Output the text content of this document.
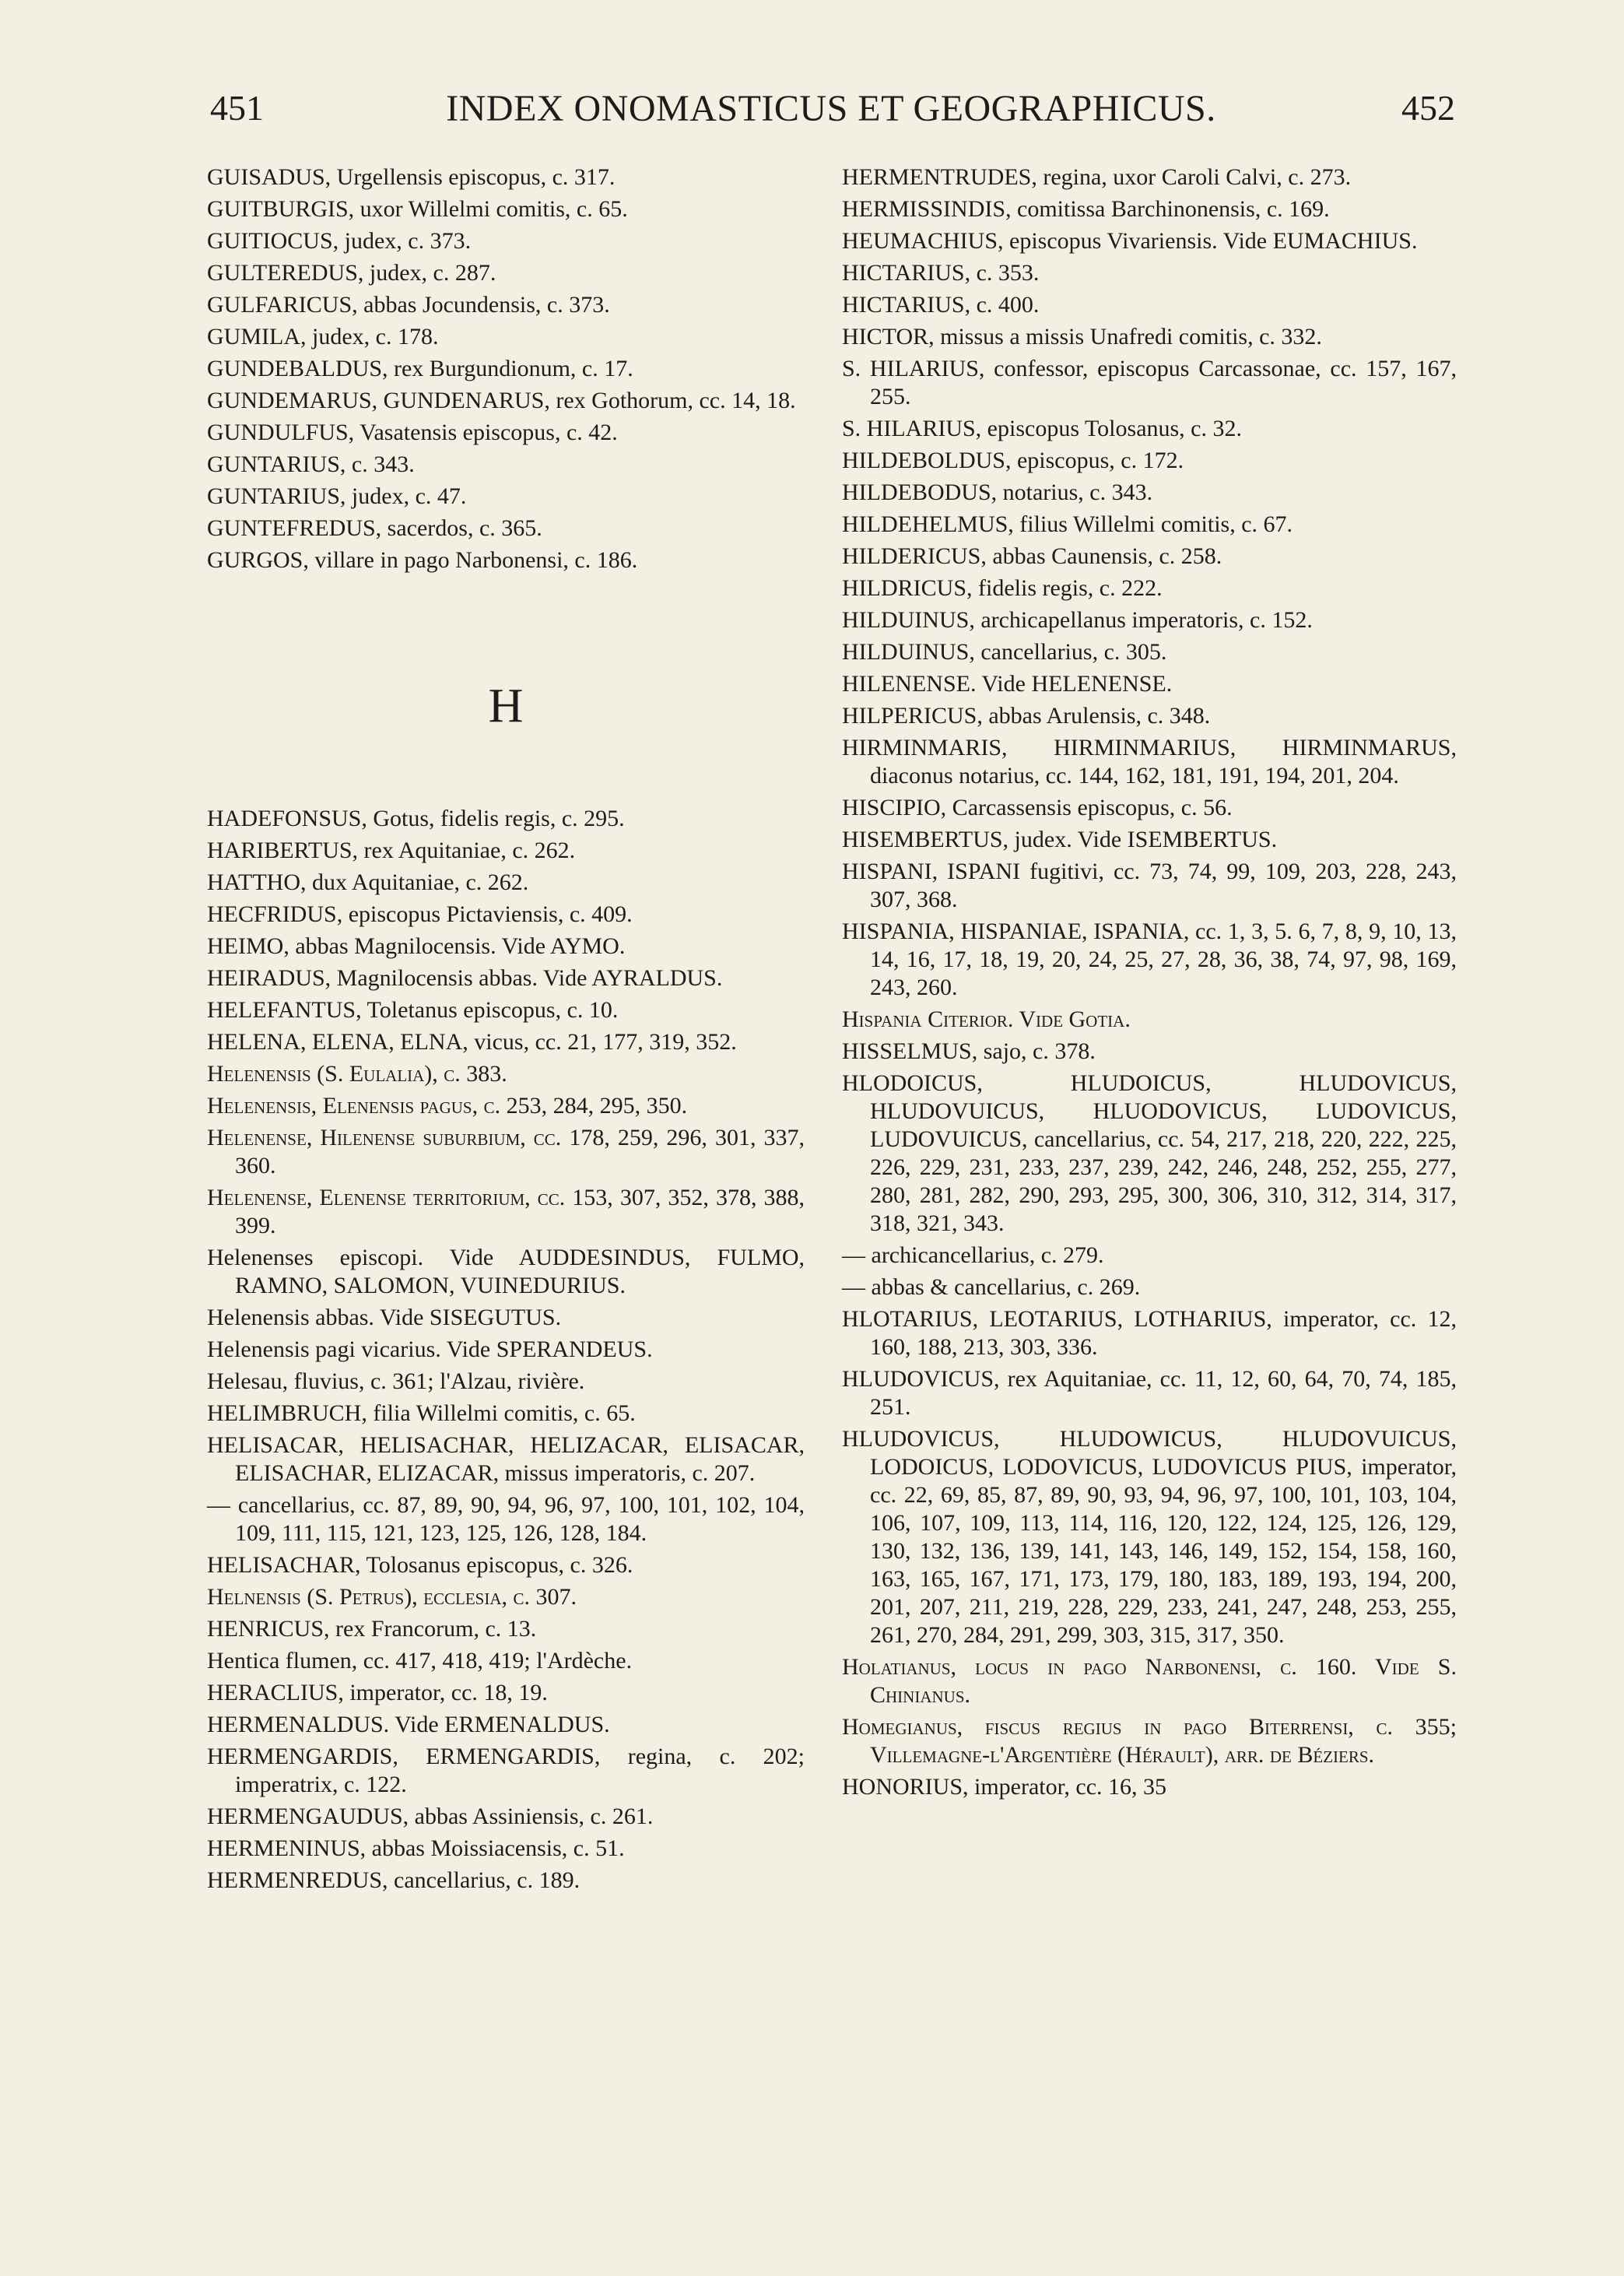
451	INDEX ONOMASTICUS ET GEOGRAPHICUS.	452
GUISADUS, Urgellensis episcopus, c. 317.
GUITBURGIS, uxor Willelmi comitis, c. 65.
GUITIOCUS, judex, c. 373.
GULTEREDUS, judex, c. 287.
GULFARICUS, abbas Jocundensis, c. 373.
GUMILA, judex, c. 178.
GUNDEBALDUS, rex Burgundionum, c. 17.
GUNDEMARUS, GUNDENARUS, rex Gothorum, cc. 14, 18.
GUNDULFUS, Vasatensis episcopus, c. 42.
GUNTARIUS, c. 343.
GUNTARIUS, judex, c. 47.
GUNTEFREDUS, sacerdos, c. 365.
GURGOS, villare in pago Narbonensi, c. 186.
H
HADEFONSUS, Gotus, fidelis regis, c. 295.
HARIBERTUS, rex Aquitaniae, c. 262.
HATTHO, dux Aquitaniae, c. 262.
HECFRIDUS, episcopus Pictaviensis, c. 409.
HEIMO, abbas Magnilocensis. Vide AYMO.
HEIRADUS, Magnilocensis abbas. Vide AYRALDUS.
HELEFANTUS, Toletanus episcopus, c. 10.
HELENA, ELENA, ELNA, vicus, cc. 21, 177, 319, 352.
Helenensis (S. Eulalia), c. 383.
Helenensis, Elenensis pagus, c. 253, 284, 295, 350.
Helenense, Hilenense suburbium, cc. 178, 259, 296, 301, 337, 360.
Helenense, Elenense territorium, cc. 153, 307, 352, 378, 388, 399.
Helenenses episcopi. Vide AUDDESINDUS, FULMO, RAMNO, SALOMON, VUINEDURIUS.
Helenensis abbas. Vide SISEGUTUS.
Helenensis pagi vicarius. Vide SPERANDEUS.
Helesau, fluvius, c. 361; l'Alzau, rivière.
HELIMBRUCH, filia Willelmi comitis, c. 65.
HELISACAR, HELISACHAR, HELIZACAR, ELISACAR, ELISACHAR, ELIZACAR, missus imperatoris, c. 207.
— cancellarius, cc. 87, 89, 90, 94, 96, 97, 100, 101, 102, 104, 109, 111, 115, 121, 123, 125, 126, 128, 184.
HELISACHAR, Tolosanus episcopus, c. 326.
Helnensis (S. Petrus), ecclesia, c. 307.
HENRICUS, rex Francorum, c. 13.
Hentica flumen, cc. 417, 418, 419; l'Ardèche.
HERACLIUS, imperator, cc. 18, 19.
HERMENALDUS. Vide ERMENALDUS.
HERMENGARDIS, ERMENGARDIS, regina, c. 202; imperatrix, c. 122.
HERMENGAUDUS, abbas Assiniensis, c. 261.
HERMENINUS, abbas Moissiacensis, c. 51.
HERMENREDUS, cancellarius, c. 189.
HERMENTRUDES, regina, uxor Caroli Calvi, c. 273.
HERMISSINDIS, comitissa Barchinonensis, c. 169.
HEUMACHIUS, episcopus Vivariensis. Vide EUMACHIUS.
HICTARIUS, c. 353.
HICTARIUS, c. 400.
HICTOR, missus a missis Unafredi comitis, c. 332.
S. HILARIUS, confessor, episcopus Carcassonae, cc. 157, 167, 255.
S. HILARIUS, episcopus Tolosanus, c. 32.
HILDEBOLDUS, episcopus, c. 172.
HILDEBODUS, notarius, c. 343.
HILDEHELMUS, filius Willelmi comitis, c. 67.
HILDERICUS, abbas Caunensis, c. 258.
HILDRICUS, fidelis regis, c. 222.
HILDUINUS, archicapellanus imperatoris, c. 152.
HILDUINUS, cancellarius, c. 305.
HILENENSE. Vide HELENENSE.
HILPERICUS, abbas Arulensis, c. 348.
HIRMINMARIS, HIRMINMARIUS, HIRMINMARUS, diaconus notarius, cc. 144, 162, 181, 191, 194, 201, 204.
HISCIPIO, Carcassensis episcopus, c. 56.
HISEMBERTUS, judex. Vide ISEMBERTUS.
HISPANI, ISPANI fugitivi, cc. 73, 74, 99, 109, 203, 228, 243, 307, 368.
HISPANIA, HISPANIAE, ISPANIA, cc. 1, 3, 5. 6, 7, 8, 9, 10, 13, 14, 16, 17, 18, 19, 20, 24, 25, 27, 28, 36, 38, 74, 97, 98, 169, 243, 260.
Hispania Citerior. Vide Gotia.
HISSELMUS, sajo, c. 378.
HLODOICUS, HLUDOICUS, HLUDOVICUS, HLUDOVUICUS, HLUODOVICUS, LUDOVICUS, LUDOVUICUS, cancellarius, cc. 54, 217, 218, 220, 222, 225, 226, 229, 231, 233, 237, 239, 242, 246, 248, 252, 255, 277, 280, 281, 282, 290, 293, 295, 300, 306, 310, 312, 314, 317, 318, 321, 343.
— archicancellarius, c. 279.
— abbas & cancellarius, c. 269.
HLOTARIUS, LEOTARIUS, LOTHARIUS, imperator, cc. 12, 160, 188, 213, 303, 336.
HLUDOVICUS, rex Aquitaniae, cc. 11, 12, 60, 64, 70, 74, 185, 251.
HLUDOVICUS, HLUDOWICUS, HLUDOVUICUS, LODOICUS, LODOVICUS, LUDOVICUS PIUS, imperator, cc. 22, 69, 85, 87, 89, 90, 93, 94, 96, 97, 100, 101, 103, 104, 106, 107, 109, 113, 114, 116, 120, 122, 124, 125, 126, 129, 130, 132, 136, 139, 141, 143, 146, 149, 152, 154, 158, 160, 163, 165, 167, 171, 173, 179, 180, 183, 189, 193, 194, 200, 201, 207, 211, 219, 228, 229, 233, 241, 247, 248, 253, 255, 261, 270, 284, 291, 299, 303, 315, 317, 350.
Holatianus, locus in pago Narbonensi, c. 160. Vide S. Chinianus.
Homegianus, fiscus regius in pago Biterrensi, c. 355; Villemagne-l'Argentière (Hérault), arr. de Béziers.
HONORIUS, imperator, cc. 16, 35
